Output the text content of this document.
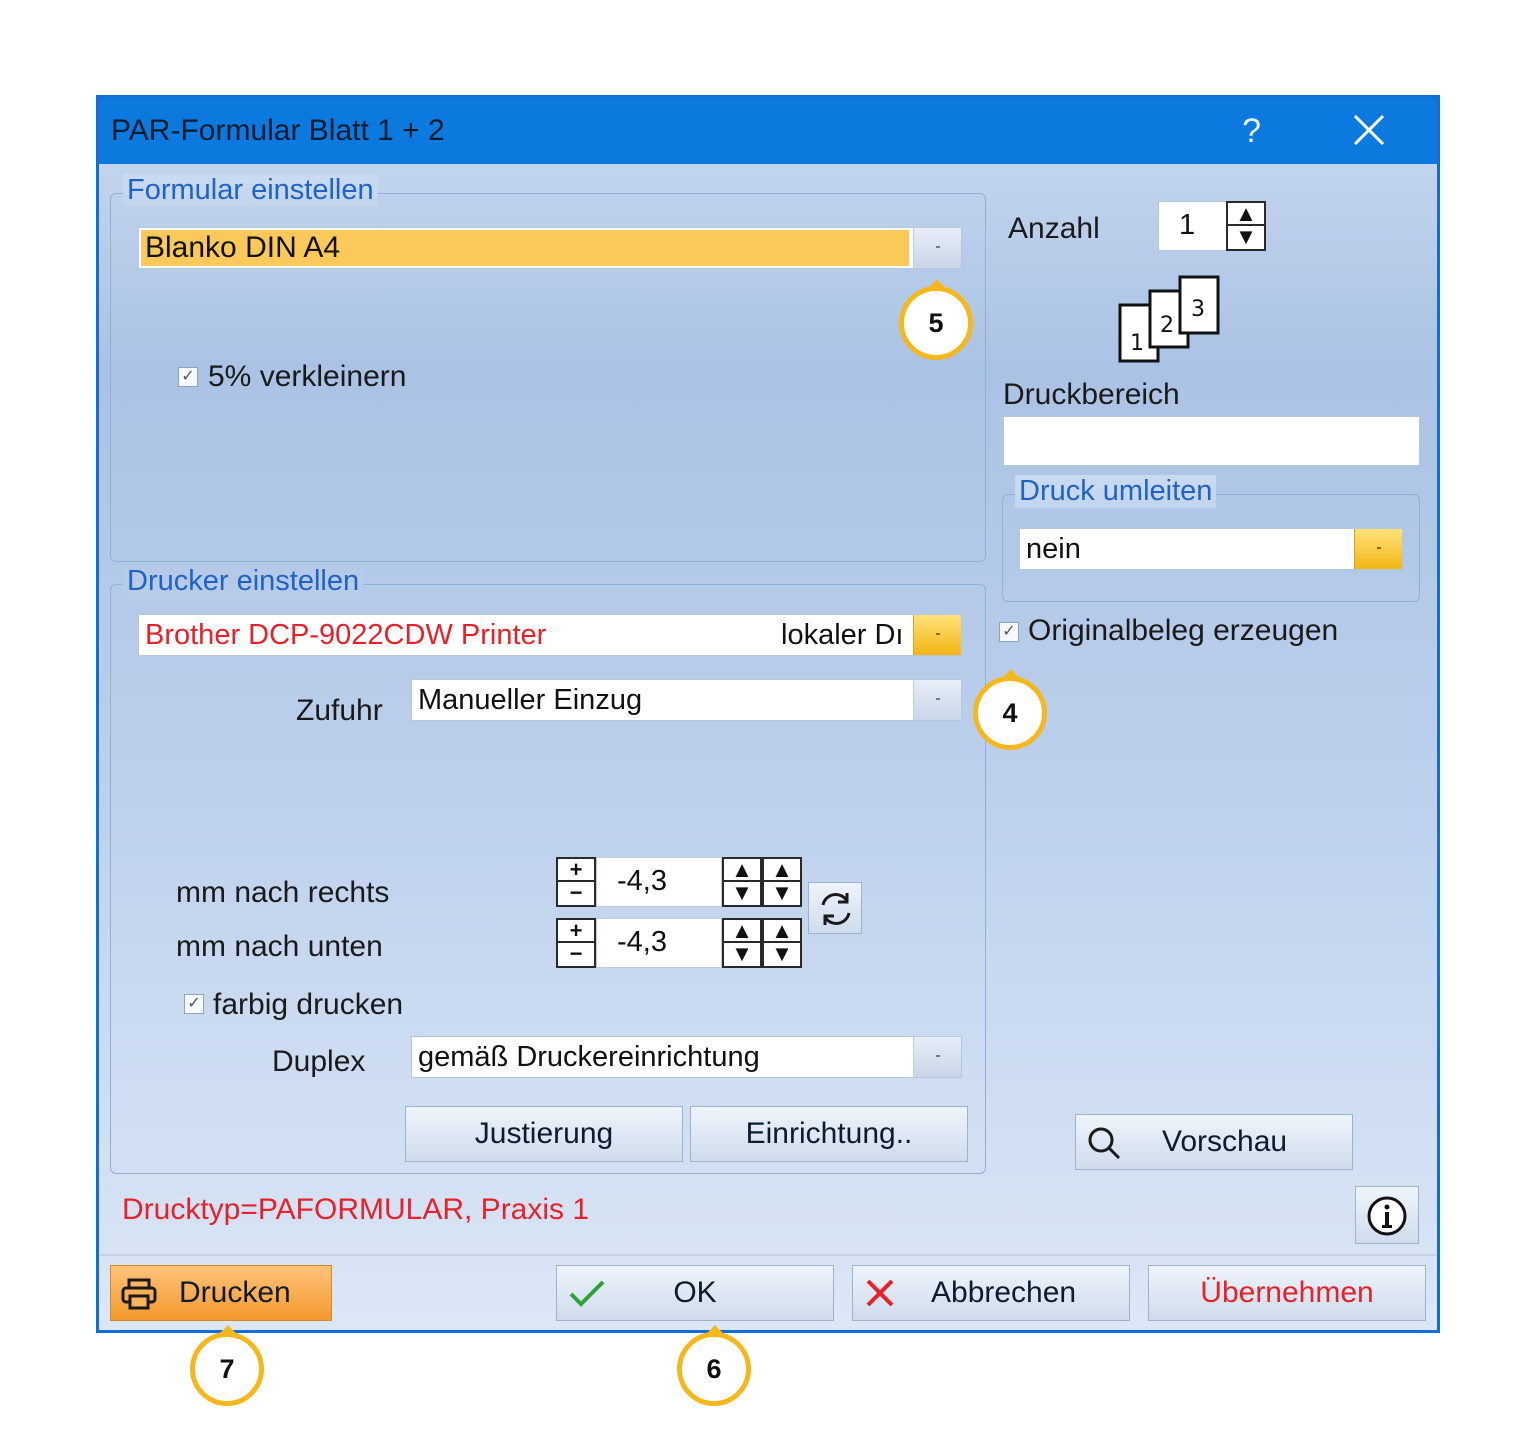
PAR-Formular Blatt 1 + 2	?
Formular einstellen
Blanko DIN A4
✓ 5% verkleinern
Anzahl	1	▲
▼
1
2
3
Druckbereich
Druck umleiten
nein
✓ Originalbeleg erzeugen
Drucker einstellen
Brother DCP-9022CDW Printer	lokaler Dı
Zufuhr Manueller Einzug
mm nach rechts
mm nach unten
+
−	-4,3	▲
▼
▲
▼
+
−	-4,3	▲
▼
▲
▼
✓ farbig drucken
Duplex gemäß Druckereinrichtung
Justierung	Einrichtung..	Vorschau
Drucktyp=PAFORMULAR, Praxis 1
Drucken	OK	Abbrechen	Übernehmen
5
4
6
7
